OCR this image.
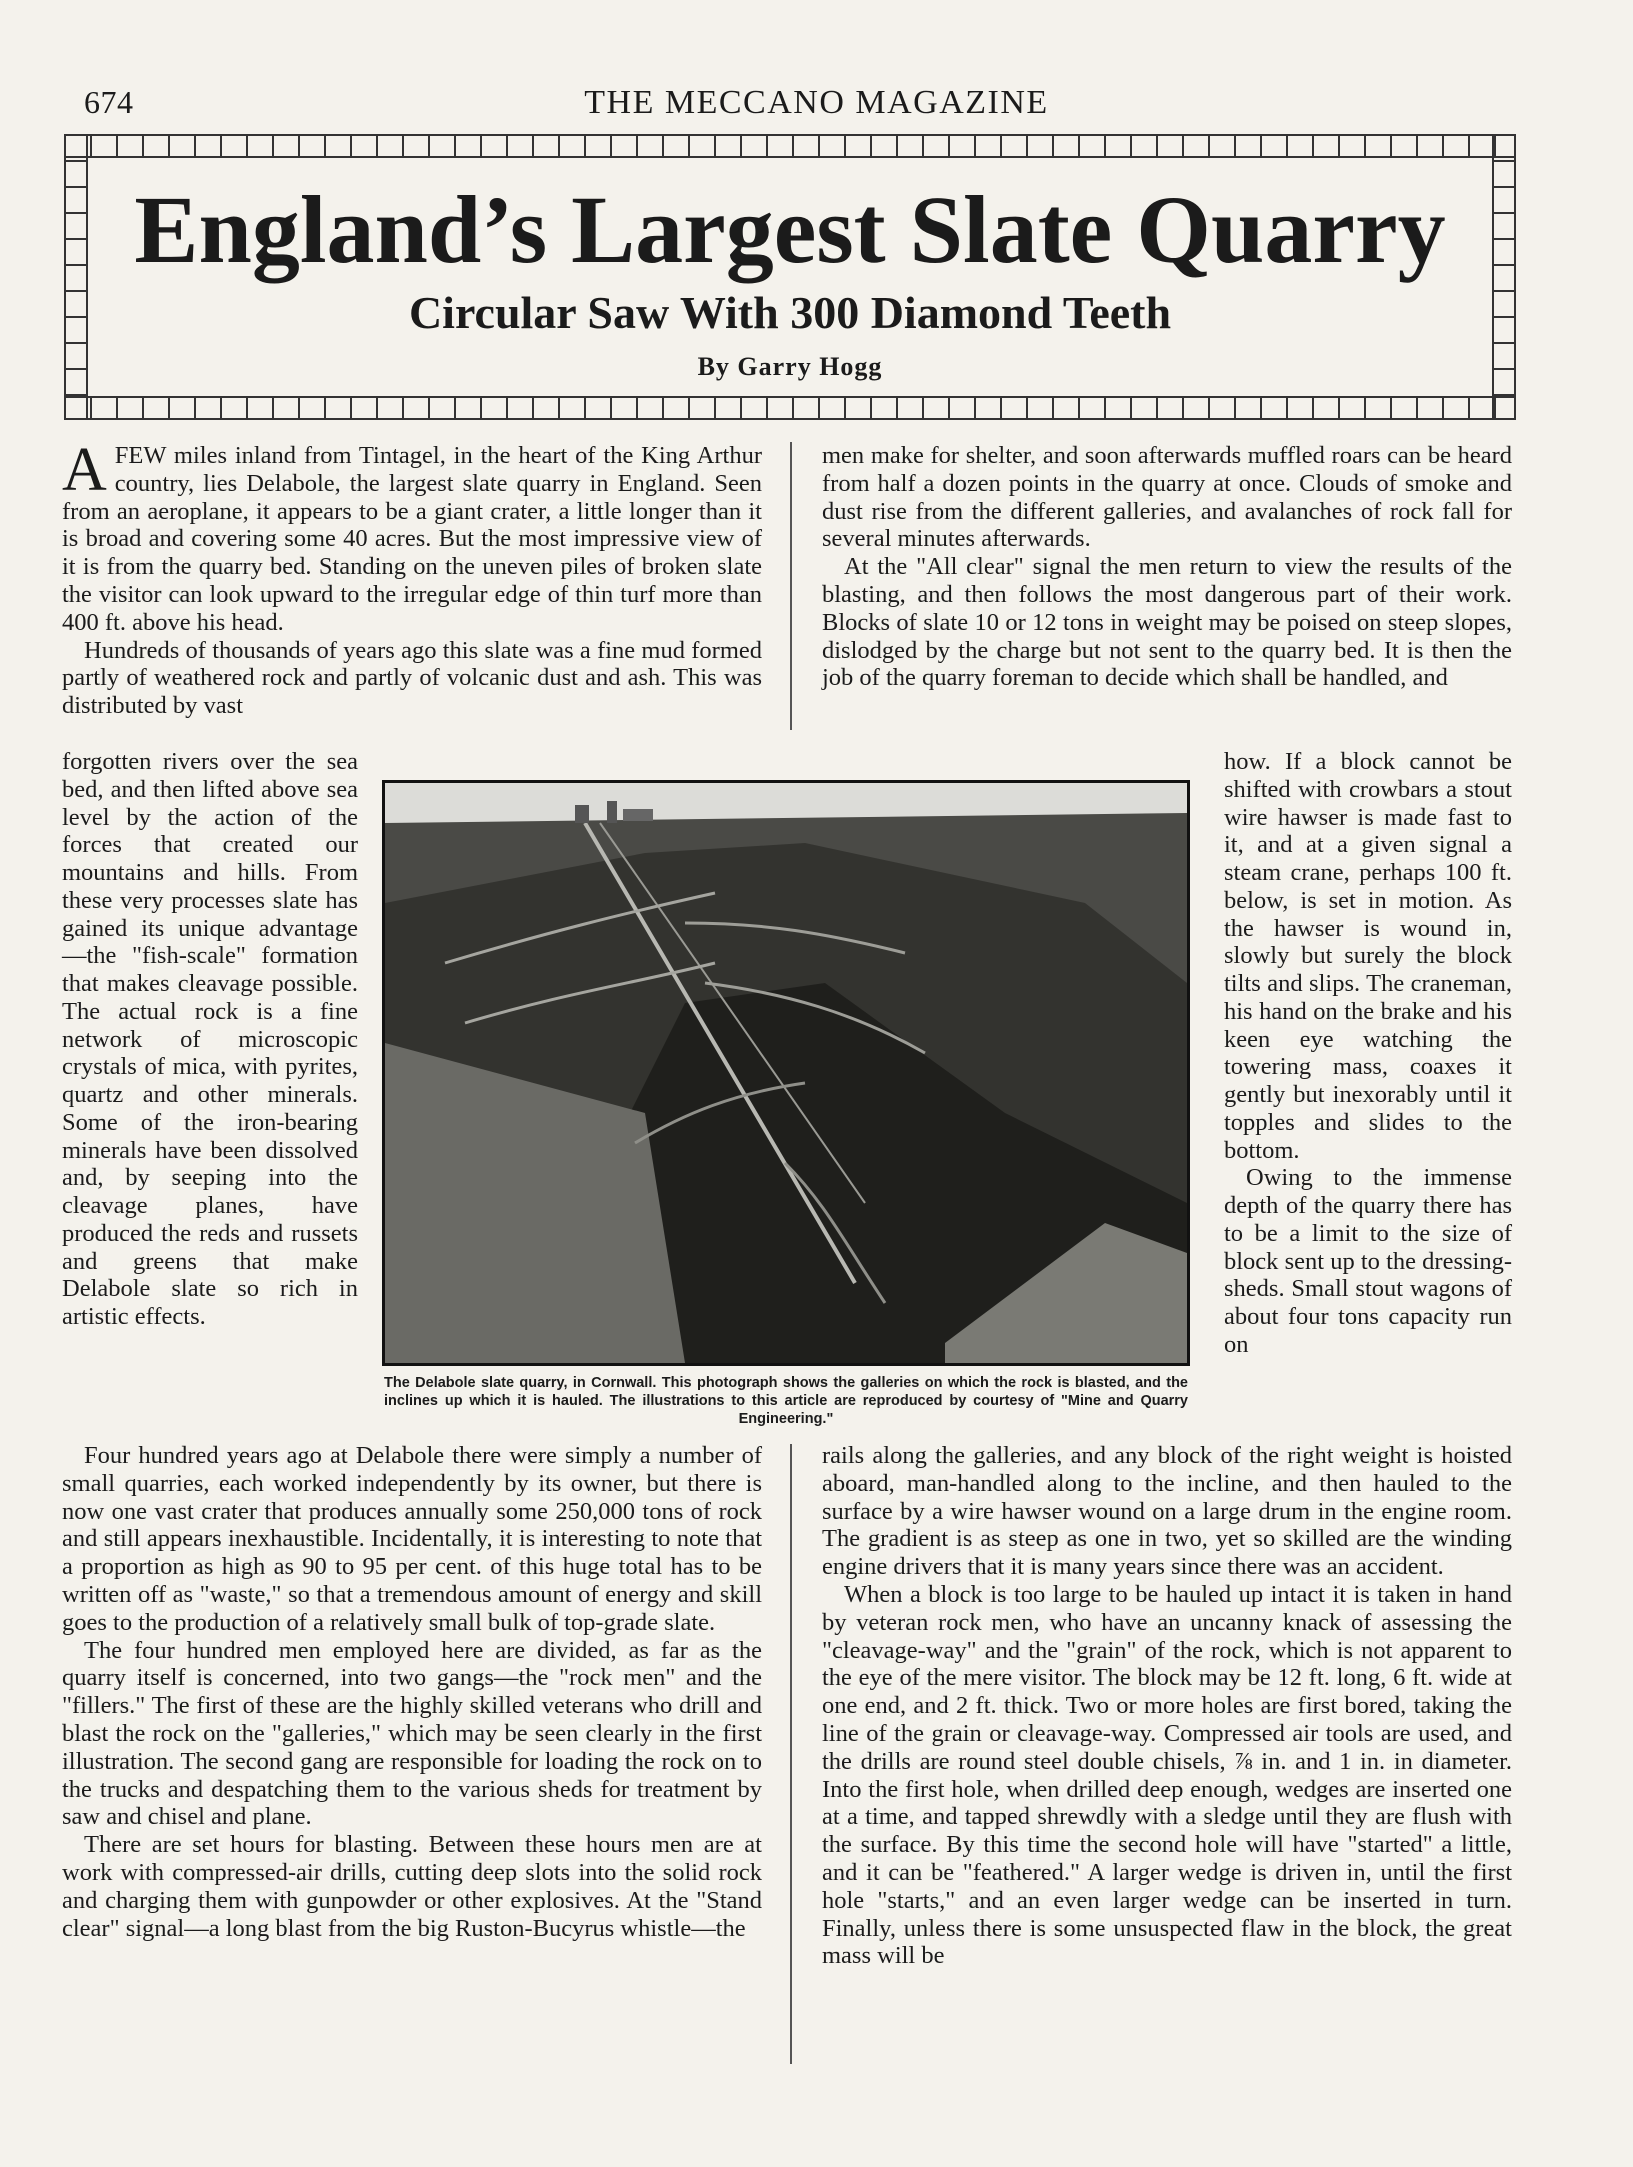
674	THE MECCANO MAGAZINE
England’s Largest Slate Quarry
Circular Saw With 300 Diamond Teeth
By Garry Hogg

AFEW miles inland from Tintagel, in the heart of the King Arthur country, lies Delabole, the largest slate quarry in England. Seen from an aeroplane, it appears to be a giant crater, a little longer than it is broad and covering some 40 acres. But the most impressive view of it is from the quarry bed. Standing on the uneven piles of broken slate the visitor can look upward to the irregular edge of thin turf more than 400 ft. above his head.

Hundreds of thousands of years ago this slate was a fine mud formed partly of weathered rock and partly of volcanic dust and ash. This was distributed by vast

forgotten rivers over the sea bed, and then lifted above sea level by the action of the forces that created our mountains and hills. From these very processes slate has gained its unique advantage—the "fish-scale" formation that makes cleavage possible. The actual rock is a fine network of microscopic crystals of mica, with pyrites, quartz and other minerals. Some of the iron-bearing minerals have been dissolved and, by seeping into the cleavage planes, have produced the reds and russets and greens that make Delabole slate so rich in artistic effects.

men make for shelter, and soon afterwards muffled roars can be heard from half a dozen points in the quarry at once. Clouds of smoke and dust rise from the different galleries, and avalanches of rock fall for several minutes afterwards.

At the "All clear" signal the men return to view the results of the blasting, and then follows the most dangerous part of their work. Blocks of slate 10 or 12 tons in weight may be poised on steep slopes, dislodged by the charge but not sent to the quarry bed. It is then the job of the quarry foreman to decide which shall be handled, and

how. If a block cannot be shifted with crowbars a stout wire hawser is made fast to it, and at a given signal a steam crane, perhaps 100 ft. below, is set in motion. As the hawser is wound in, slowly but surely the block tilts and slips. The craneman, his hand on the brake and his keen eye watching the towering mass, coaxes it gently but inexorably until it topples and slides to the bottom.

Owing to the immense depth of the quarry there has to be a limit to the size of block sent up to the dressing-sheds. Small stout wagons of about four tons capacity run on

The Delabole slate quarry, in Cornwall. This photograph shows the galleries on which the rock is blasted, and the inclines up which it is hauled. The illustrations to this article are reproduced by courtesy of "Mine and Quarry Engineering."

Four hundred years ago at Delabole there were simply a number of small quarries, each worked independently by its owner, but there is now one vast crater that produces annually some 250,000 tons of rock and still appears inexhaustible. Incidentally, it is interesting to note that a proportion as high as 90 to 95 per cent. of this huge total has to be written off as "waste," so that a tremendous amount of energy and skill goes to the production of a relatively small bulk of top-grade slate.

The four hundred men employed here are divided, as far as the quarry itself is concerned, into two gangs—the "rock men" and the "fillers." The first of these are the highly skilled veterans who drill and blast the rock on the "galleries," which may be seen clearly in the first illustration. The second gang are responsible for loading the rock on to the trucks and despatching them to the various sheds for treatment by saw and chisel and plane.

There are set hours for blasting. Between these hours men are at work with compressed-air drills, cutting deep slots into the solid rock and charging them with gunpowder or other explosives. At the "Stand clear" signal—a long blast from the big Ruston-Bucyrus whistle—the

rails along the galleries, and any block of the right weight is hoisted aboard, man-handled along to the incline, and then hauled to the surface by a wire hawser wound on a large drum in the engine room. The gradient is as steep as one in two, yet so skilled are the winding engine drivers that it is many years since there was an accident.

When a block is too large to be hauled up intact it is taken in hand by veteran rock men, who have an uncanny knack of assessing the "cleavage-way" and the "grain" of the rock, which is not apparent to the eye of the mere visitor. The block may be 12 ft. long, 6 ft. wide at one end, and 2 ft. thick. Two or more holes are first bored, taking the line of the grain or cleavage-way. Compressed air tools are used, and the drills are round steel double chisels, ⅞ in. and 1 in. in diameter. Into the first hole, when drilled deep enough, wedges are inserted one at a time, and tapped shrewdly with a sledge until they are flush with the surface. By this time the second hole will have "started" a little, and it can be "feathered." A larger wedge is driven in, until the first hole "starts," and an even larger wedge can be inserted in turn. Finally, unless there is some unsuspected flaw in the block, the great mass will be
